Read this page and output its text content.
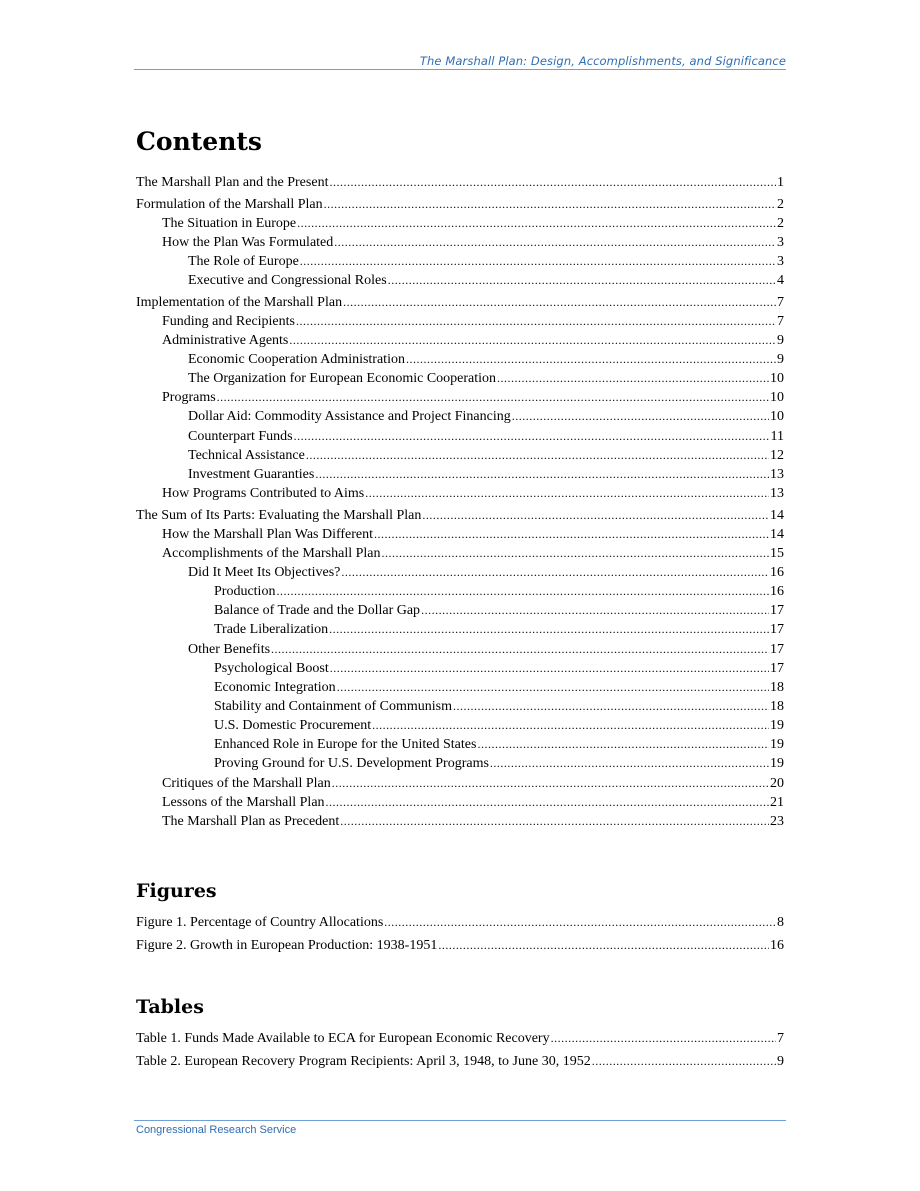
The Marshall Plan: Design, Accomplishments, and Significance
Contents
The Marshall Plan and the Present .....	1
Formulation of the Marshall Plan .....	2
The Situation in Europe .....	2
How the Plan Was Formulated .....	3
The Role of Europe .....	3
Executive and Congressional Roles .....	4
Implementation of the Marshall Plan .....	7
Funding and Recipients .....	7
Administrative Agents .....	9
Economic Cooperation Administration .....	9
The Organization for European Economic Cooperation .....	10
Programs .....	10
Dollar Aid: Commodity Assistance and Project Financing .....	10
Counterpart Funds .....	11
Technical Assistance .....	12
Investment Guaranties .....	13
How Programs Contributed to Aims .....	13
The Sum of Its Parts: Evaluating the Marshall Plan .....	14
How the Marshall Plan Was Different .....	14
Accomplishments of the Marshall Plan .....	15
Did It Meet Its Objectives? .....	16
Production .....	16
Balance of Trade and the Dollar Gap .....	17
Trade Liberalization .....	17
Other Benefits .....	17
Psychological Boost .....	17
Economic Integration .....	18
Stability and Containment of Communism .....	18
U.S. Domestic Procurement .....	19
Enhanced Role in Europe for the United States .....	19
Proving Ground for U.S. Development Programs .....	19
Critiques of the Marshall Plan .....	20
Lessons of the Marshall Plan .....	21
The Marshall Plan as Precedent .....	23
Figures
Figure 1. Percentage of Country Allocations .....	8
Figure 2. Growth in European Production: 1938-1951 .....	16
Tables
Table 1. Funds Made Available to ECA for European Economic Recovery .....	7
Table 2. European Recovery Program Recipients: April 3, 1948, to June 30, 1952 .....	9
Congressional Research Service
